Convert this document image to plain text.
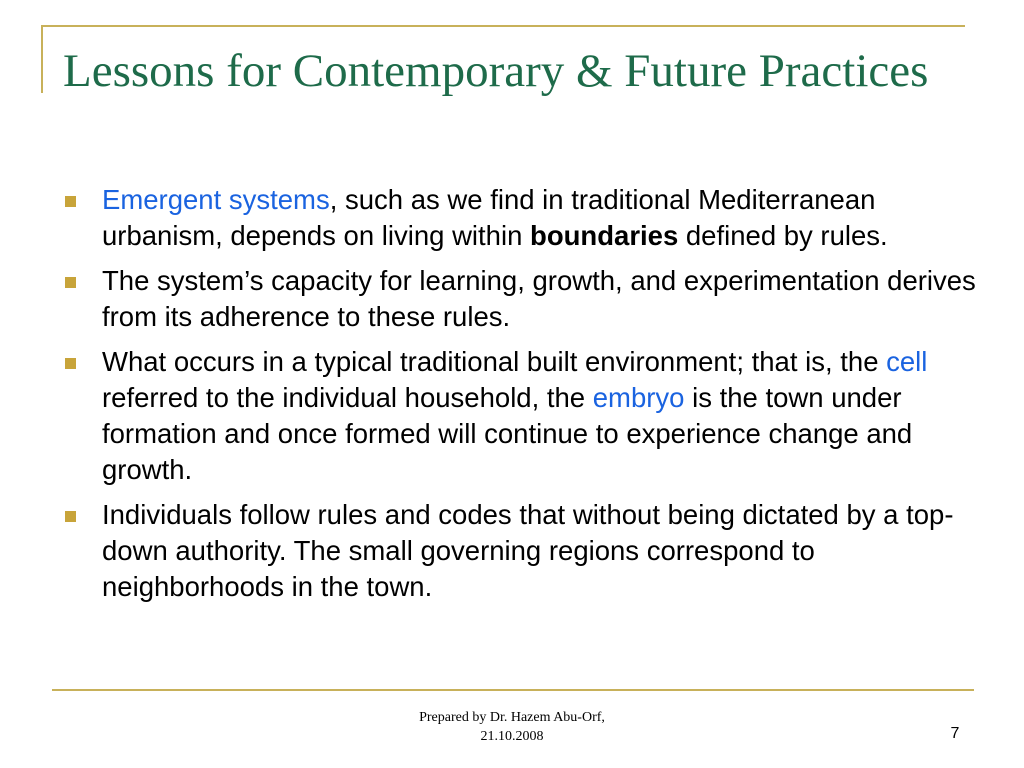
Lessons for Contemporary & Future Practices
Emergent systems, such as we find in traditional Mediterranean urbanism, depends on living within boundaries defined by rules.
The system’s capacity for learning, growth, and experimentation derives from its adherence to these rules.
What occurs in a typical traditional built environment; that is, the cell referred to the individual household, the embryo is the town under formation and once formed will continue to experience change and growth.
Individuals follow rules and codes that without being dictated by a top-down authority. The small governing regions correspond to neighborhoods in the town.
Prepared by Dr. Hazem Abu-Orf,
21.10.2008	7
